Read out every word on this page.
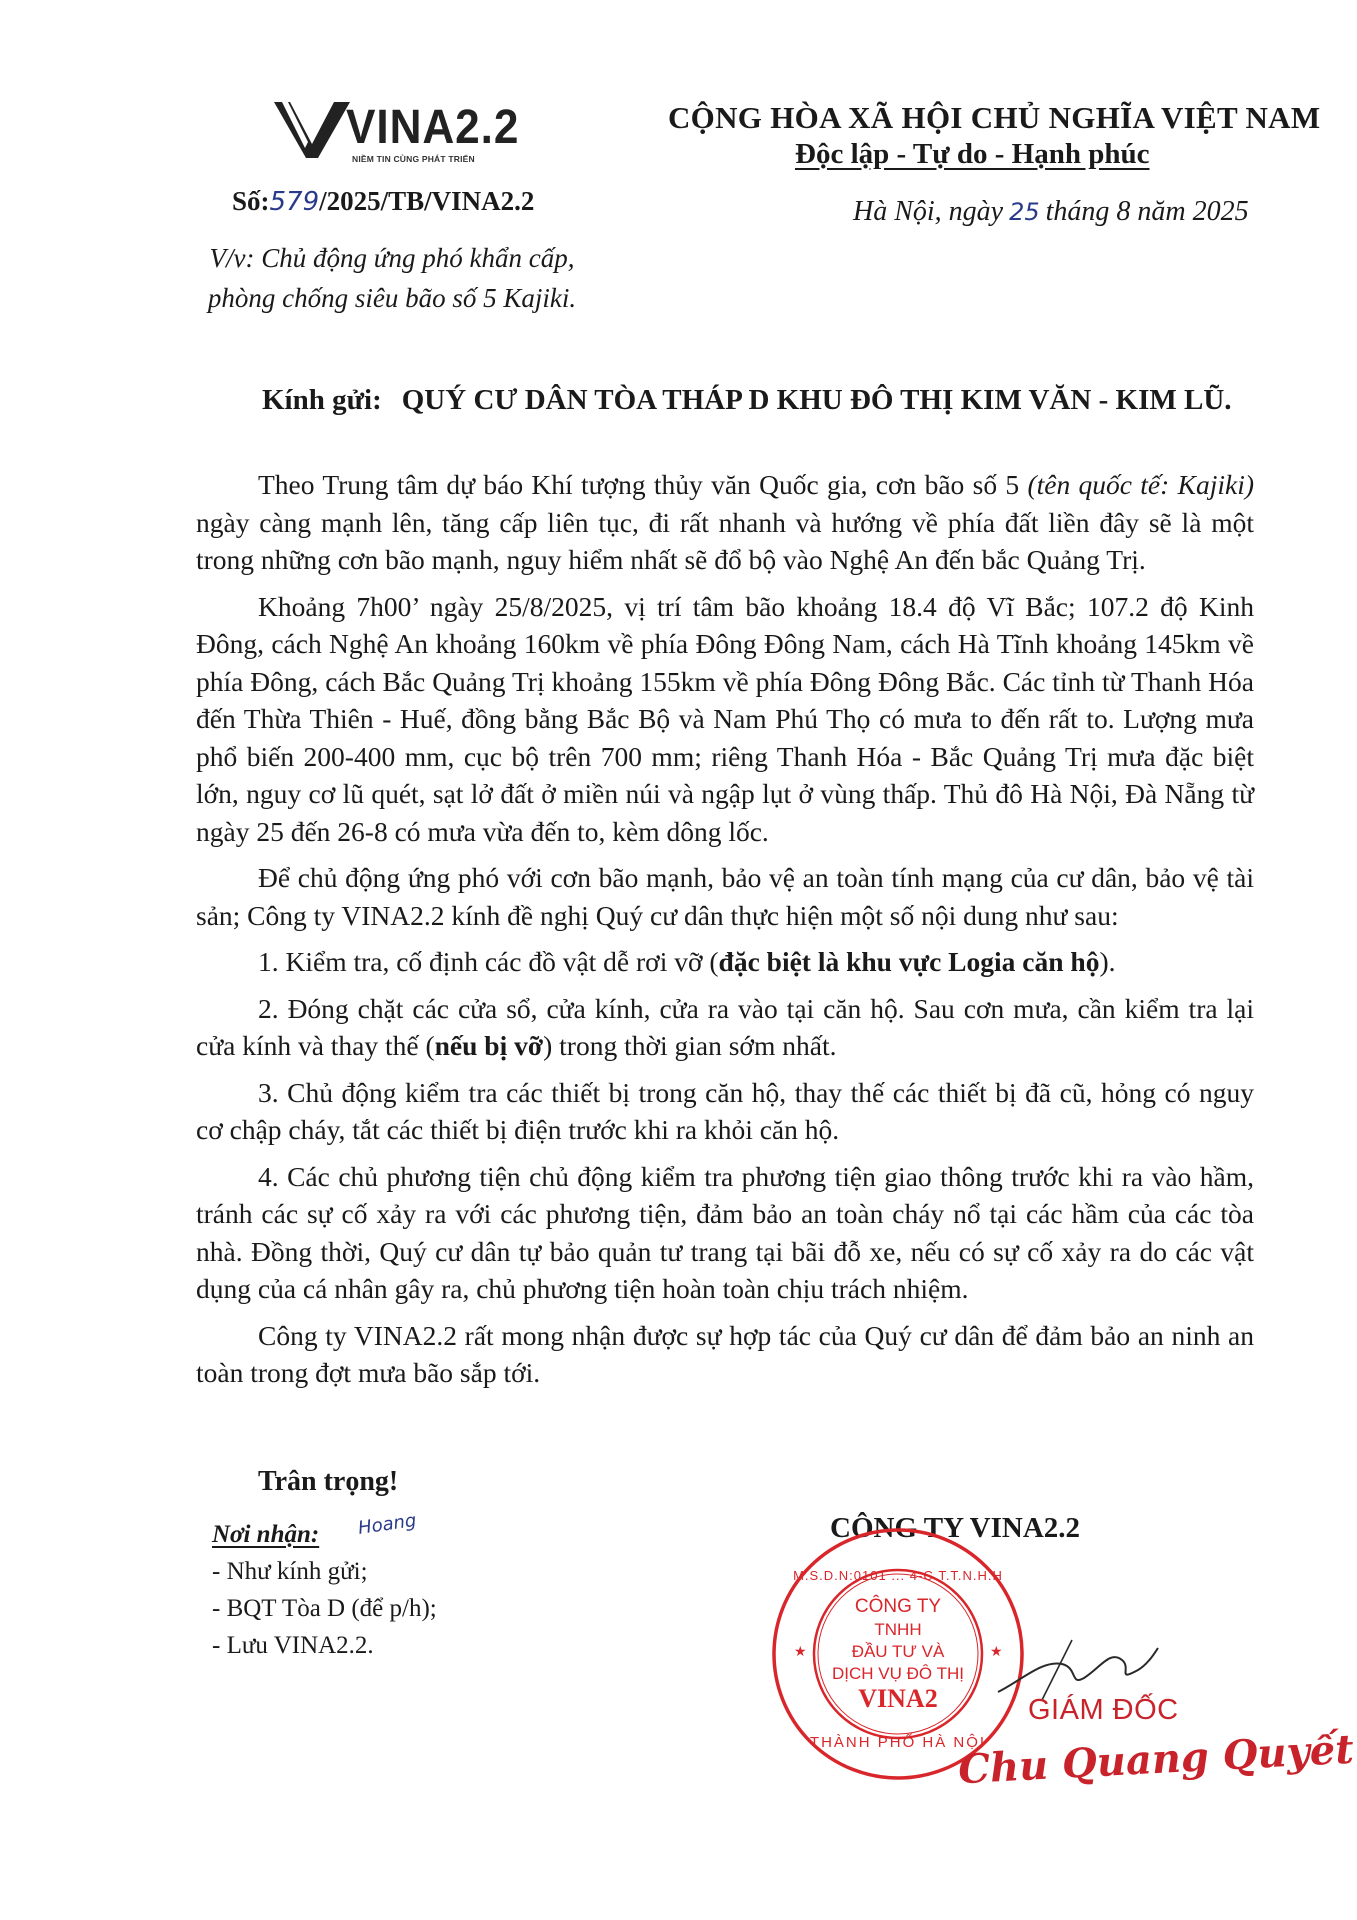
VINA2.2
NIỀM TIN CÙNG PHÁT TRIỂN
Số:579/2025/TB/VINA2.2
V/v: Chủ động ứng phó khẩn cấp,
phòng chống siêu bão số 5 Kajiki.
CỘNG HÒA XÃ HỘI CHỦ NGHĨA VIỆT NAM
Độc lập - Tự do - Hạnh phúc
Hà Nội, ngày 25 tháng 8 năm 2025
Kính gửi: QUÝ CƯ DÂN TÒA THÁP D KHU ĐÔ THỊ KIM VĂN - KIM LŨ.

Theo Trung tâm dự báo Khí tượng thủy văn Quốc gia, cơn bão số 5 (tên quốc tế: Kajiki) ngày càng mạnh lên, tăng cấp liên tục, đi rất nhanh và hướng về phía đất liền đây sẽ là một trong những cơn bão mạnh, nguy hiểm nhất sẽ đổ bộ vào Nghệ An đến bắc Quảng Trị.

Khoảng 7h00’ ngày 25/8/2025, vị trí tâm bão khoảng 18.4 độ Vĩ Bắc; 107.2 độ Kinh Đông, cách Nghệ An khoảng 160km về phía Đông Đông Nam, cách Hà Tĩnh khoảng 145km về phía Đông, cách Bắc Quảng Trị khoảng 155km về phía Đông Đông Bắc. Các tỉnh từ Thanh Hóa đến Thừa Thiên - Huế, đồng bằng Bắc Bộ và Nam Phú Thọ có mưa to đến rất to. Lượng mưa phổ biến 200-400 mm, cục bộ trên 700 mm; riêng Thanh Hóa - Bắc Quảng Trị mưa đặc biệt lớn, nguy cơ lũ quét, sạt lở đất ở miền núi và ngập lụt ở vùng thấp. Thủ đô Hà Nội, Đà Nẵng từ ngày 25 đến 26-8 có mưa vừa đến to, kèm dông lốc.

Để chủ động ứng phó với cơn bão mạnh, bảo vệ an toàn tính mạng của cư dân, bảo vệ tài sản; Công ty VINA2.2 kính đề nghị Quý cư dân thực hiện một số nội dung như sau:

1. Kiểm tra, cố định các đồ vật dễ rơi vỡ (đặc biệt là khu vực Logia căn hộ).

2. Đóng chặt các cửa sổ, cửa kính, cửa ra vào tại căn hộ. Sau cơn mưa, cần kiểm tra lại cửa kính và thay thế (nếu bị vỡ) trong thời gian sớm nhất.

3. Chủ động kiểm tra các thiết bị trong căn hộ, thay thế các thiết bị đã cũ, hỏng có nguy cơ chập cháy, tắt các thiết bị điện trước khi ra khỏi căn hộ.

4. Các chủ phương tiện chủ động kiểm tra phương tiện giao thông trước khi ra vào hầm, tránh các sự cố xảy ra với các phương tiện, đảm bảo an toàn cháy nổ tại các hầm của các tòa nhà. Đồng thời, Quý cư dân tự bảo quản tư trang tại bãi đỗ xe, nếu có sự cố xảy ra do các vật dụng của cá nhân gây ra, chủ phương tiện hoàn toàn chịu trách nhiệm.

Công ty VINA2.2 rất mong nhận được sự hợp tác của Quý cư dân để đảm bảo an ninh an toàn trong đợt mưa bão sắp tới.

Trân trọng!
Nơi nhận:
- Như kính gửi;
- BQT Tòa D (để p/h);
- Lưu VINA2.2.
Hoang	CÔNG TY VINA2.2
★	★
M.S.D.N:0101 ... 4-C.T.T.N.H.H
CÔNG TY
TNHH
ĐẦU TƯ VÀ
DỊCH VỤ ĐÔ THỊ
VINA2
THÀNH PHỐ HÀ NỘI
GIÁM ĐỐC
Chu Quang Quyết
